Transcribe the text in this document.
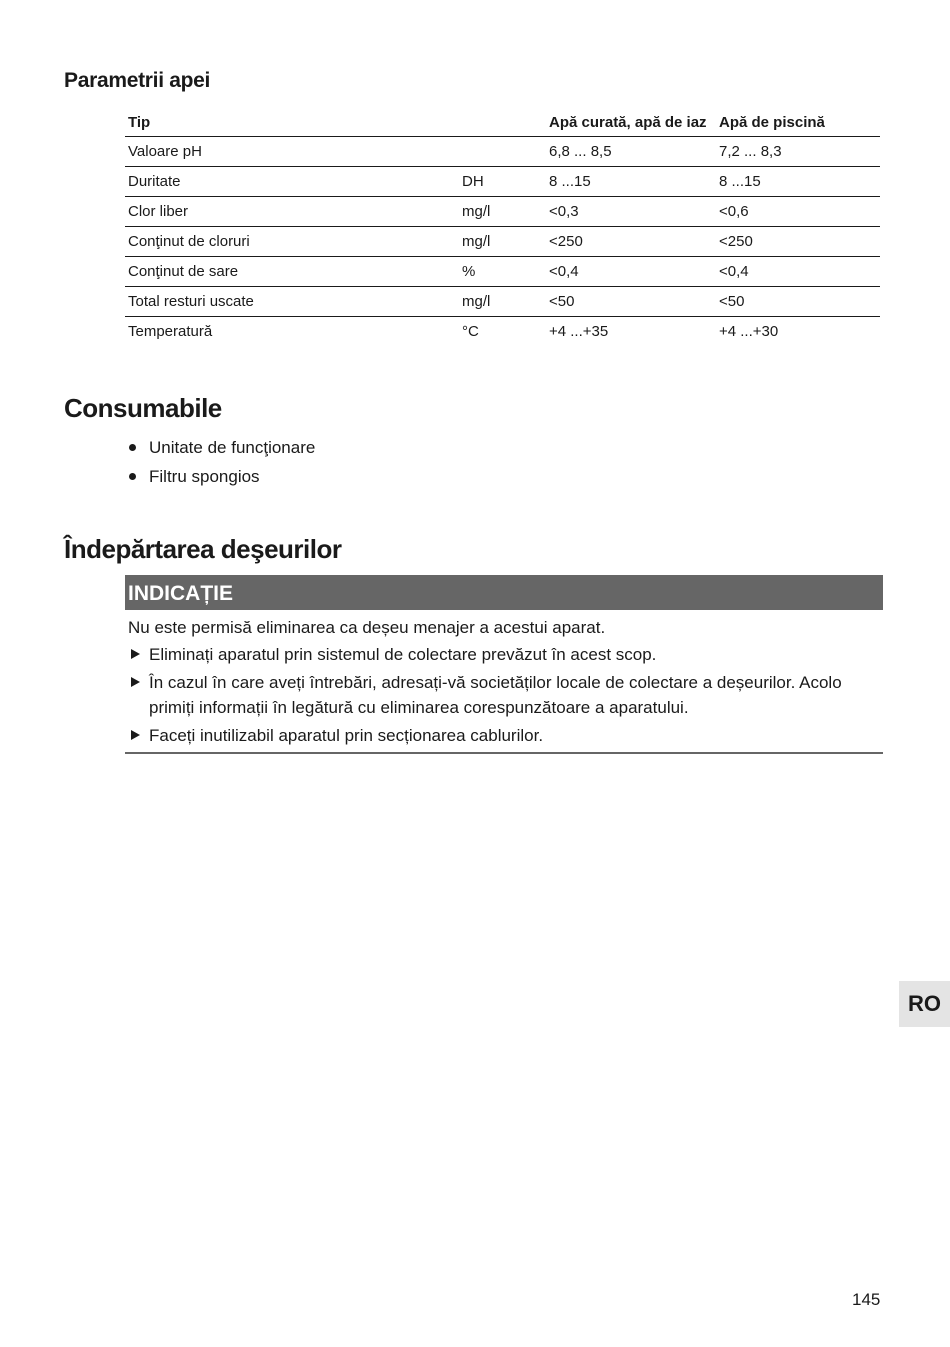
Parametrii apei
Tip		Apă curată, apă de iaz	Apă de piscină
Valoare pH		6,8 ... 8,5	7,2 ... 8,3
Duritate	DH	8 ...15	8 ...15
Clor liber	mg/l	<0,3	<0,6
Conţinut de cloruri	mg/l	<250	<250
Conţinut de sare	%	<0,4	<0,4
Total resturi uscate	mg/l	<50	<50
Temperatură	°C	+4 ...+35	+4 ...+30
Consumabile
Unitate de funcţionare
Filtru spongios
Îndepărtarea deşeurilor
INDICAȚIE
Nu este permisă eliminarea ca deșeu menajer a acestui aparat.
Eliminați aparatul prin sistemul de colectare prevăzut în acest scop.
În cazul în care aveți întrebări, adresați-vă societăților locale de colectare a deșeurilor. Acolo primiți informații în legătură cu eliminarea corespunzătoare a aparatului.
Faceți inutilizabil aparatul prin secționarea cablurilor.
RO
145
